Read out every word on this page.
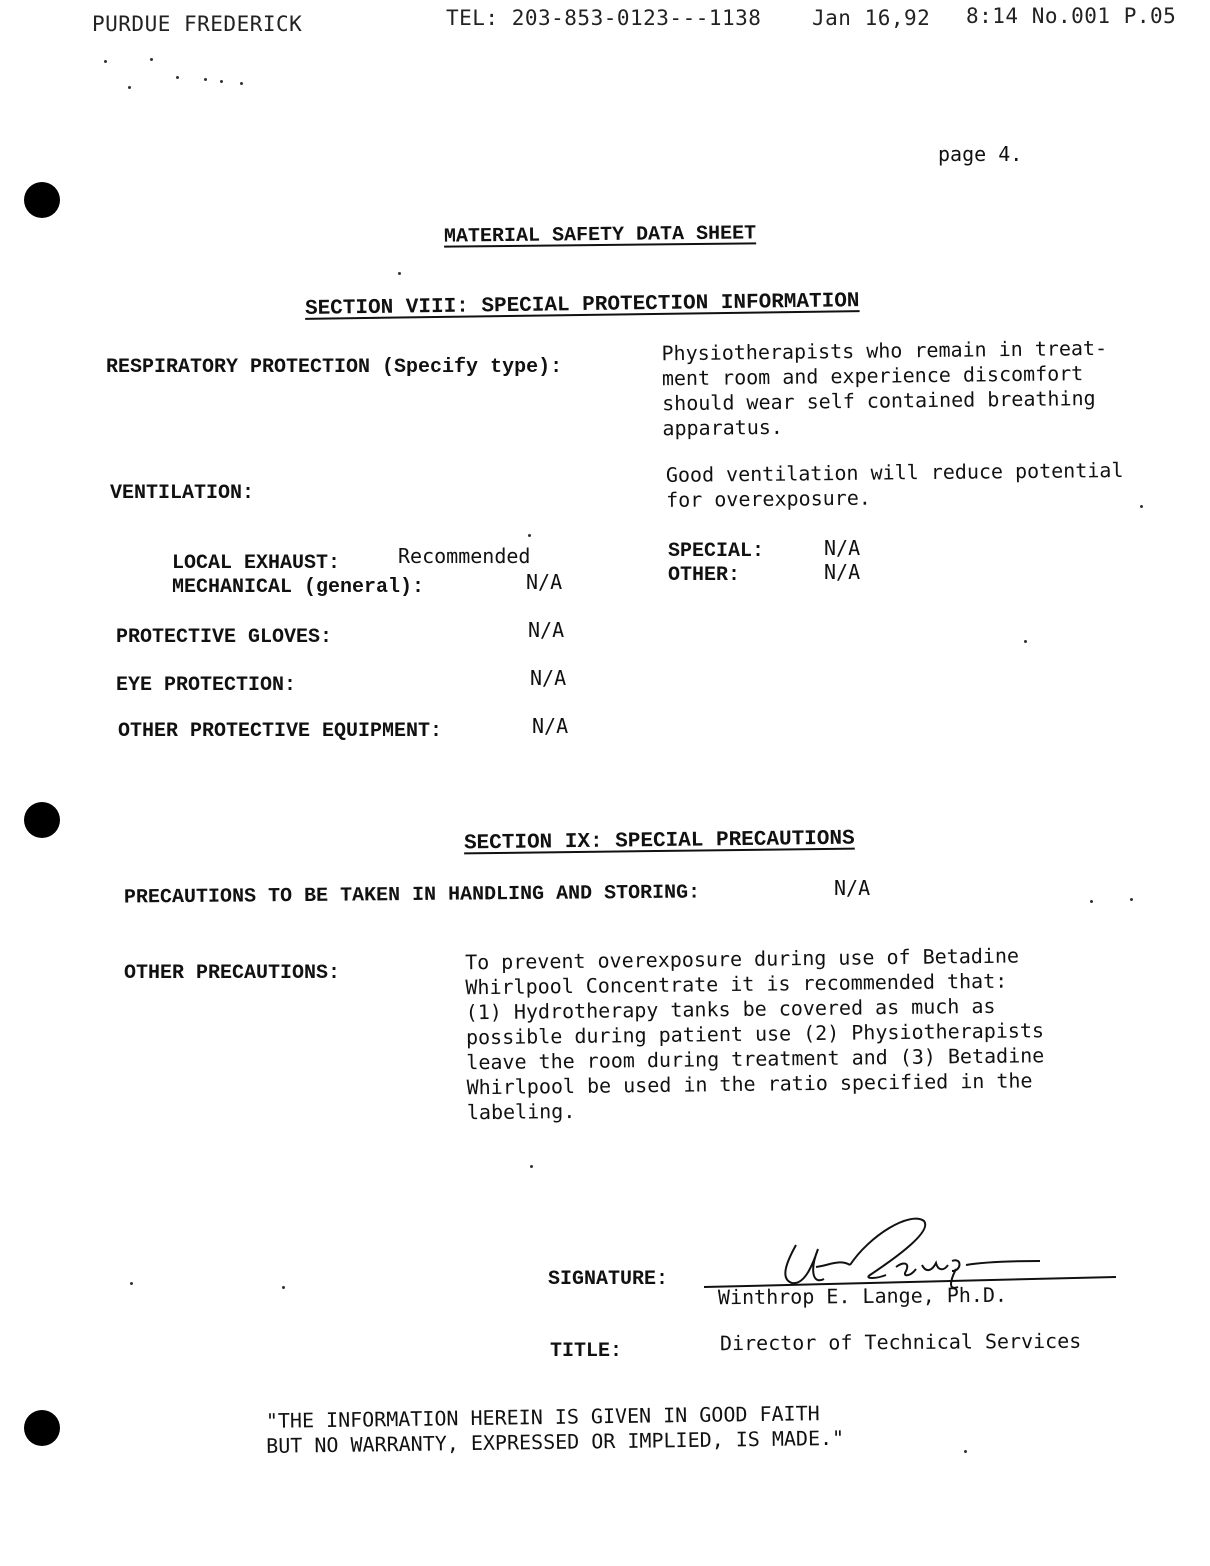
PURDUE FREDERICK	TEL: 203-853-0123---1138 Jan 16,92 8:14 No.001 P.05
page 4.
MATERIAL SAFETY DATA SHEET
SECTION VIII: SPECIAL PROTECTION INFORMATION
RESPIRATORY PROTECTION (Specify type):
Physiotherapists who remain in treat-
ment room and experience discomfort
should wear self contained breathing
apparatus.
VENTILATION:
Good ventilation will reduce potential
for overexposure.
LOCAL EXHAUST:	Recommended
MECHANICAL (general):	N/A
SPECIAL:	N/A
OTHER:	N/A
PROTECTIVE GLOVES:	N/A
EYE PROTECTION:	N/A
OTHER PROTECTIVE EQUIPMENT:	N/A
SECTION IX: SPECIAL PRECAUTIONS
PRECAUTIONS TO BE TAKEN IN HANDLING AND STORING:	N/A
OTHER PRECAUTIONS:	To prevent overexposure during use of Betadine
Whirlpool Concentrate it is recommended that:
(1) Hydrotherapy tanks be covered as much as
possible during patient use (2) Physiotherapists
leave the room during treatment and (3) Betadine
Whirlpool be used in the ratio specified in the
labeling.
SIGNATURE:
Winthrop E. Lange, Ph.D.
TITLE:	Director of Technical Services
"THE INFORMATION HEREIN IS GIVEN IN GOOD FAITH
BUT NO WARRANTY, EXPRESSED OR IMPLIED, IS MADE."
